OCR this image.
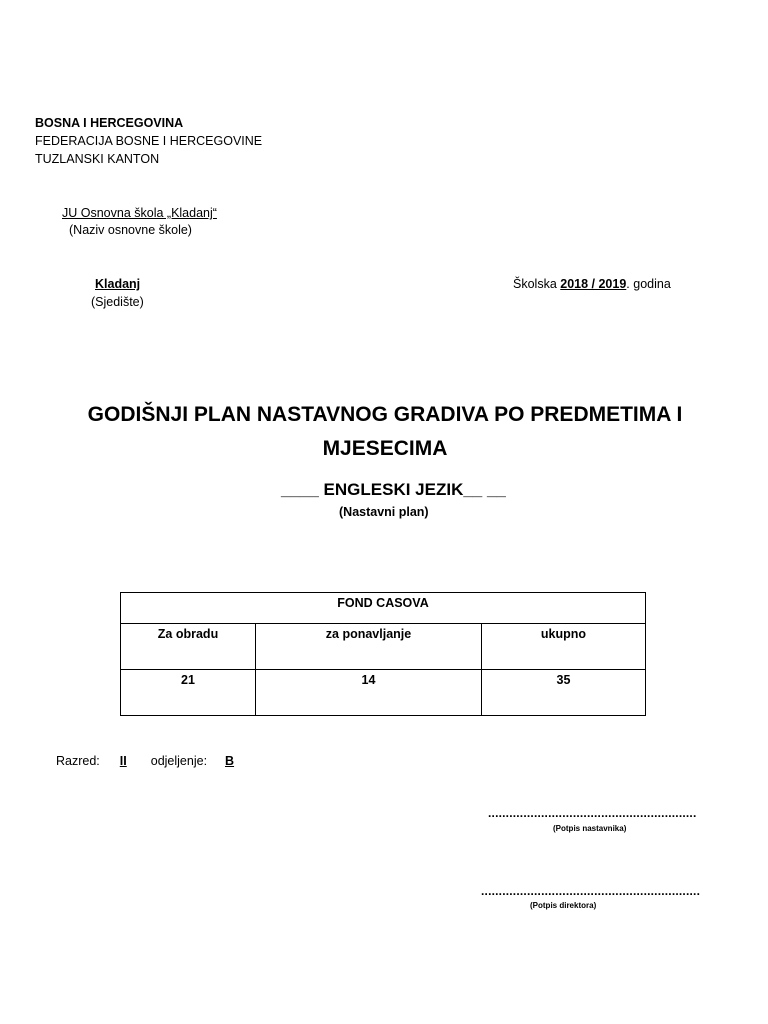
BOSNA I HERCEGOVINA
FEDERACIJA BOSNE I HERCEGOVINE
TUZLANSKI KANTON
JU Osnovna škola „Kladanj“
(Naziv osnovne škole)
Kladanj
(Sjedište)
Školska 2018 / 2019. godina
GODIŠNJI PLAN NASTAVNOG GRADIVA PO PREDMETIMA I
MJESECIMA
____ ENGLESKI JEZIK__ __
(Nastavni plan)
FOND CASOVA		
Za obradu	za ponavljanje	ukupno
21	14	35
Razred: II odjeljenje: B
...........................................................
(Potpis nastavnika)
..............................................................
(Potpis direktora)
